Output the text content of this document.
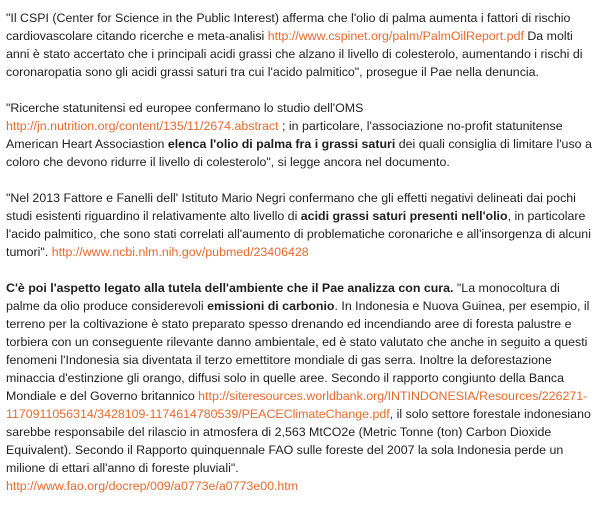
"Il CSPI (Center for Science in the Public Interest) afferma che l'olio di palma aumenta i fattori di rischio cardiovascolare citando ricerche e meta-analisi http://www.cspinet.org/palm/PalmOilReport.pdf Da molti anni è stato accertato che i principali acidi grassi che alzano il livello di colesterolo, aumentando i rischi di coronaropatia sono gli acidi grassi saturi tra cui l'acido palmitico", prosegue il Pae nella denuncia.

"Ricerche statunitensi ed europee confermano lo studio dell'OMS http://jn.nutrition.org/content/135/11/2674.abstract ; in particolare, l'associazione no-profit statunitense American Heart Associastion elenca l'olio di palma fra i grassi saturi dei quali consiglia di limitare l'uso a coloro che devono ridurre il livello di colesterolo", si legge ancora nel documento.

"Nel 2013 Fattore e Fanelli dell' Istituto Mario Negri confermano che gli effetti negativi delineati dai pochi studi esistenti riguardino il relativamente alto livello di acidi grassi saturi presenti nell'olio, in particolare l'acido palmitico, che sono stati correlati all'aumento di problematiche coronariche e all'insorgenza di alcuni tumori". http://www.ncbi.nlm.nih.gov/pubmed/23406428

C'è poi l'aspetto legato alla tutela dell'ambiente che il Pae analizza con cura. "La monocoltura di palme da olio produce considerevoli emissioni di carbonio. In Indonesia e Nuova Guinea, per esempio, il terreno per la coltivazione è stato preparato spesso drenando ed incendiando aree di foresta palustre e torbiera con un conseguente rilevante danno ambientale, ed è stato valutato che anche in seguito a questi fenomeni l'Indonesia sia diventata il terzo emettitore mondiale di gas serra. Inoltre la deforestazione minaccia d'estinzione gli orango, diffusi solo in quelle aree. Secondo il rapporto congiunto della Banca Mondiale e del Governo britannico http://siteresources.worldbank.org/INTINDONESIA/Resources/226271-1170911056314/3428109-1174614780539/PEACEClimateChange.pdf, il solo settore forestale indonesiano sarebbe responsabile del rilascio in atmosfera di 2,563 MtCO2e (Metric Tonne (ton) Carbon Dioxide Equivalent). Secondo il Rapporto quinquennale FAO sulle foreste del 2007 la sola Indonesia perde un milione di ettari all'anno di foreste pluviali".
http://www.fao.org/docrep/009/a0773e/a0773e00.htm
